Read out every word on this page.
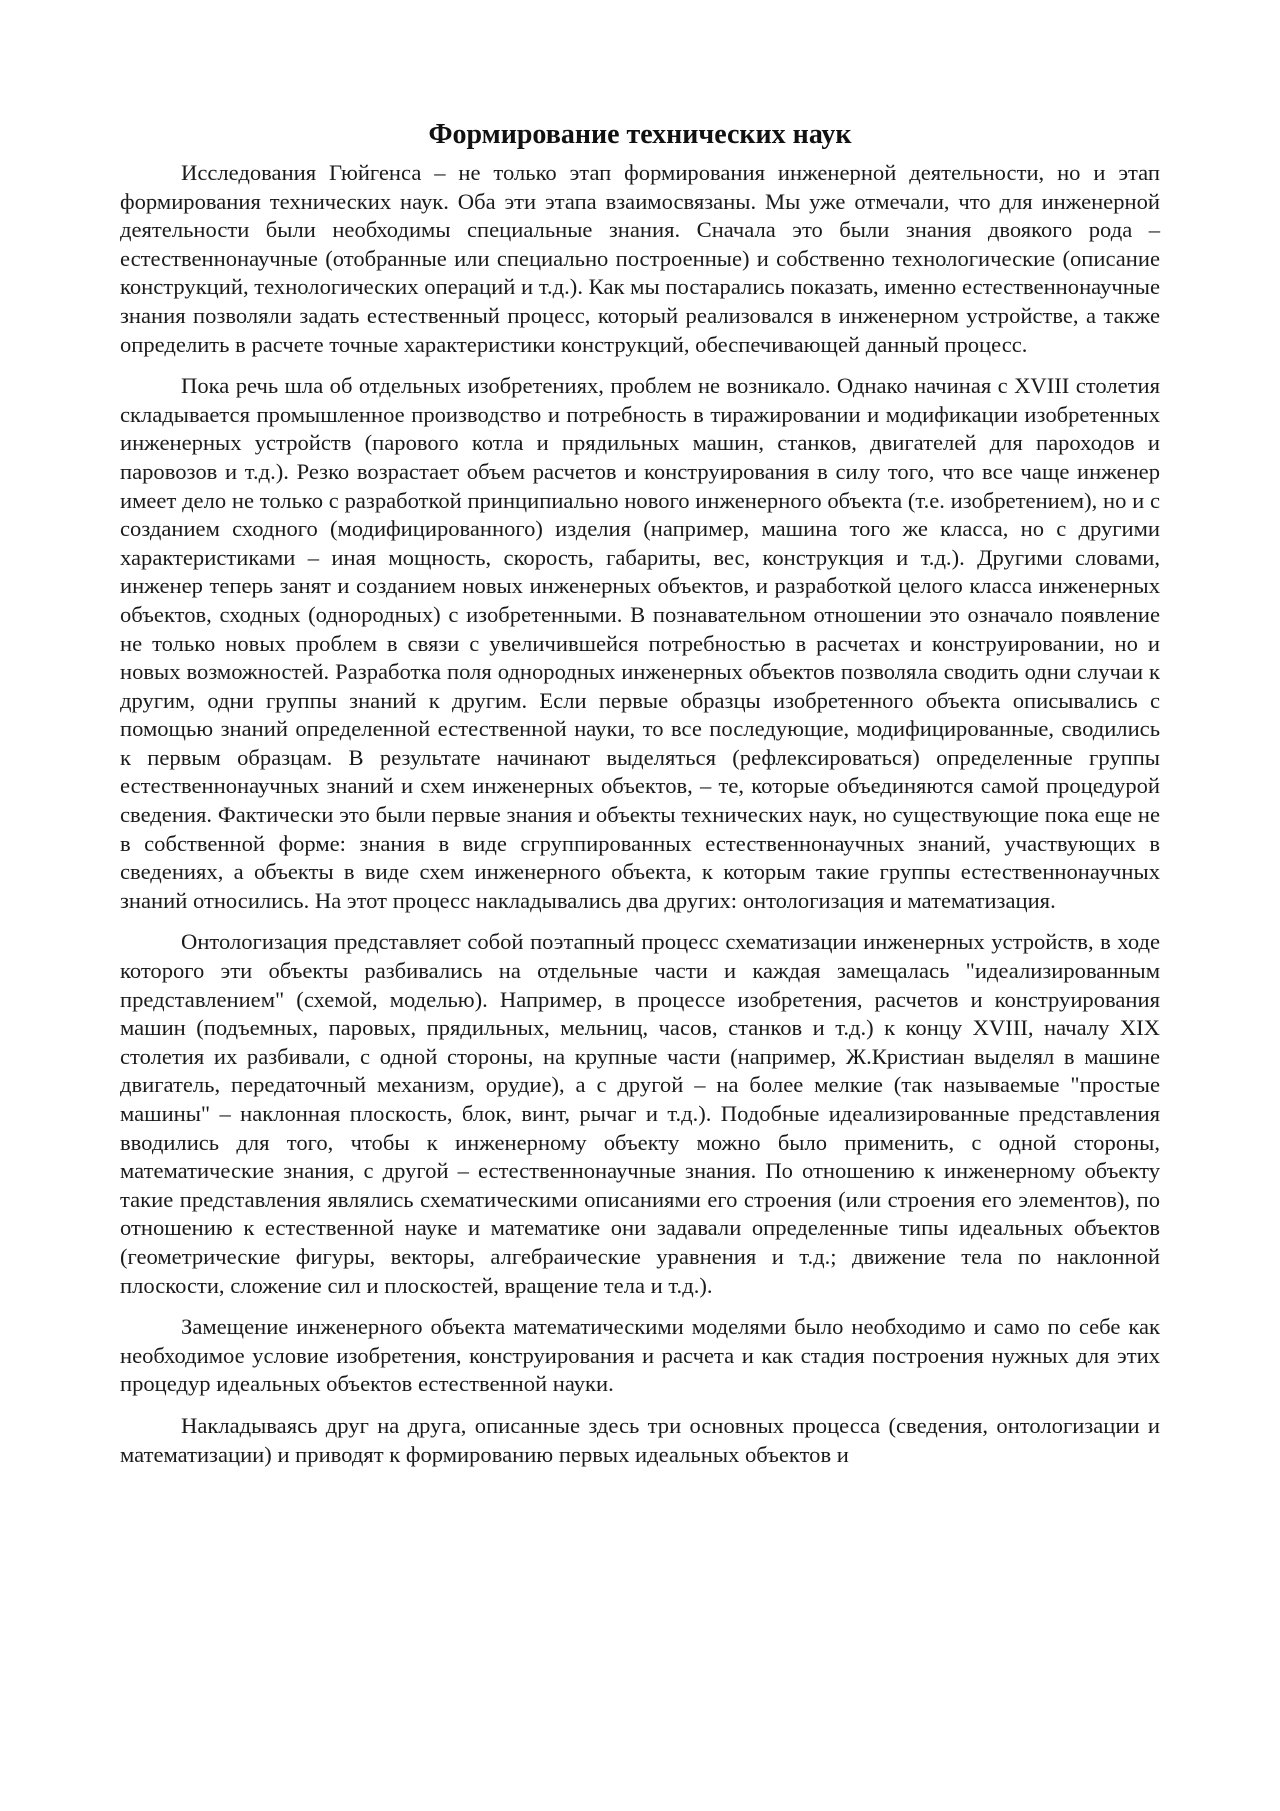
Формирование технических наук

Исследования Гюйгенса – не только этап формирования инженерной деятельности, но и этап формирования технических наук. Оба эти этапа взаимосвязаны. Мы уже отмечали, что для инженерной деятельности были необходимы специальные знания. Сначала это были знания двоякого рода – естественнонаучные (отобранные или специально построенные) и собственно технологические (описание конструкций, технологических операций и т.д.). Как мы постарались показать, именно естественнонаучные знания позволяли задать естественный процесс, который реализовался в инженерном устройстве, а также определить в расчете точные характеристики конструкций, обеспечивающей данный процесс.

Пока речь шла об отдельных изобретениях, проблем не возникало. Однако начиная с XVIII столетия складывается промышленное производство и потребность в тиражировании и модификации изобретенных инженерных устройств (парового котла и прядильных машин, станков, двигателей для пароходов и паровозов и т.д.). Резко возрастает объем расчетов и конструирования в силу того, что все чаще инженер имеет дело не только с разработкой принципиально нового инженерного объекта (т.е. изобретением), но и с созданием сходного (модифицированного) изделия (например, машина того же класса, но с другими характеристиками – иная мощность, скорость, габариты, вес, конструкция и т.д.). Другими словами, инженер теперь занят и созданием новых инженерных объектов, и разработкой целого класса инженерных объектов, сходных (однородных) с изобретенными. В познавательном отношении это означало появление не только новых проблем в связи с увеличившейся потребностью в расчетах и конструировании, но и новых возможностей. Разработка поля однородных инженерных объектов позволяла сводить одни случаи к другим, одни группы знаний к другим. Если первые образцы изобретенного объекта описывались с помощью знаний определенной естественной науки, то все последующие, модифицированные, сводились к первым образцам. В результате начинают выделяться (рефлексироваться) определенные группы естественнонаучных знаний и схем инженерных объектов, – те, которые объединяются самой процедурой сведения. Фактически это были первые знания и объекты технических наук, но существующие пока еще не в собственной форме: знания в виде сгруппированных естественнонаучных знаний, участвующих в сведениях, а объекты в виде схем инженерного объекта, к которым такие группы естественнонаучных знаний относились. На этот процесс накладывались два других: онтологизация и математизация.

Онтологизация представляет собой поэтапный процесс схематизации инженерных устройств, в ходе которого эти объекты разбивались на отдельные части и каждая замещалась "идеализированным представлением" (схемой, моделью). Например, в процессе изобретения, расчетов и конструирования машин (подъемных, паровых, прядильных, мельниц, часов, станков и т.д.) к концу XVIII, началу XIX столетия их разбивали, с одной стороны, на крупные части (например, Ж.Кристиан выделял в машине двигатель, передаточный механизм, орудие), а с другой – на более мелкие (так называемые "простые машины" – наклонная плоскость, блок, винт, рычаг и т.д.). Подобные идеализированные представления вводились для того, чтобы к инженерному объекту можно было применить, с одной стороны, математические знания, с другой – естественнонаучные знания. По отношению к инженерному объекту такие представления являлись схематическими описаниями его строения (или строения его элементов), по отношению к естественной науке и математике они задавали определенные типы идеальных объектов (геометрические фигуры, векторы, алгебраические уравнения и т.д.; движение тела по наклонной плоскости, сложение сил и плоскостей, вращение тела и т.д.).

Замещение инженерного объекта математическими моделями было необходимо и само по себе как необходимое условие изобретения, конструирования и расчета и как стадия построения нужных для этих процедур идеальных объектов естественной науки.

Накладываясь друг на друга, описанные здесь три основных процесса (сведения, онтологизации и математизации) и приводят к формированию первых идеальных объектов и
